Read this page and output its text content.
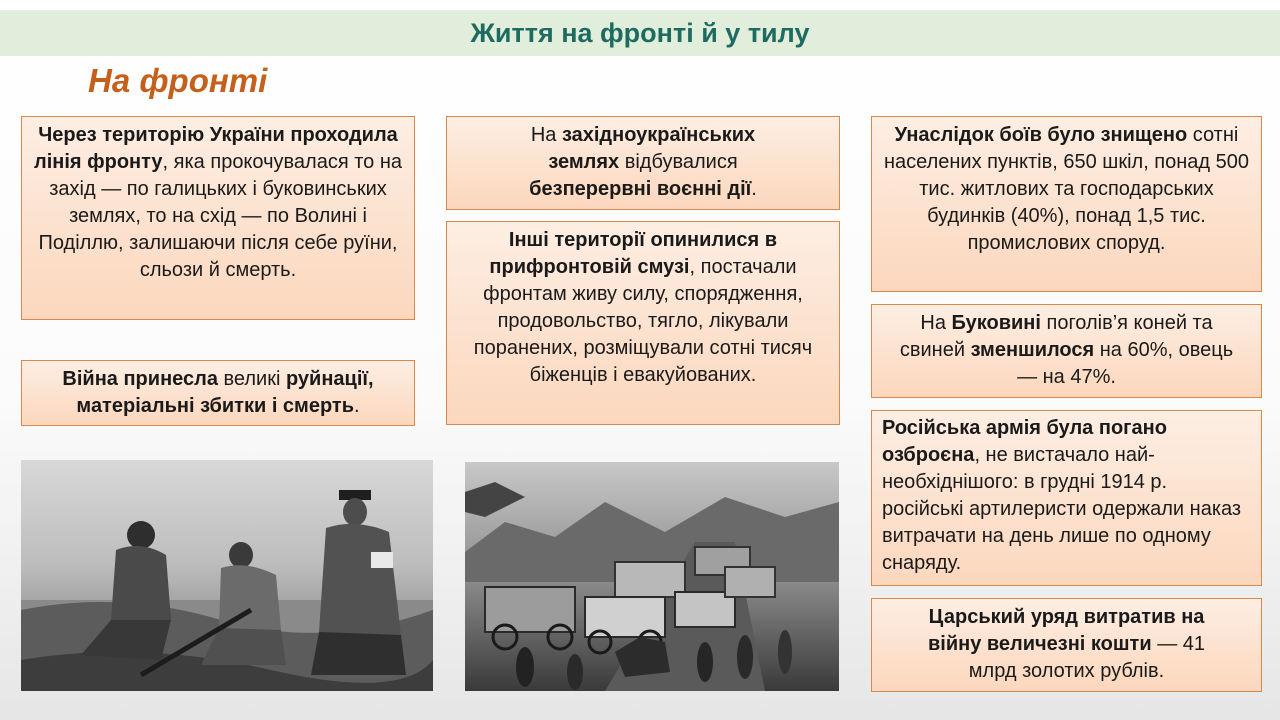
Життя на фронті й у тилу
На фронті
Через територію України проходила лінія фронту, яка прокочувалася то на захід — по галицьких і буковинських землях, то на схід — по Волині і Поділлю, залишаючи після себе руїни, сльози й смерть.
Війна принесла великі руйнації, матеріальні збитки і смерть.
На західноукраїнських землях відбувалися безперервні воєнні дії.
Інші території опинилися в прифронтовій смузі, постачали фронтам живу силу, спорядження, продовольство, тягло, лікували поранених, розміщували сотні тисяч біженців і евакуйованих.
Унаслідок боїв було знищено сотні населених пунктів, 650 шкіл, понад 500 тис. житлових та господарських будинків (40%), понад 1,5 тис. промислових споруд.
На Буковині поголів’я коней та свиней зменшилося на 60%, овець — на 47%.
Російська армія була погано озброєна, не вистачало най-необхіднішого: в грудні 1914 р. російські артилеристи одержали наказ витрачати на день лише по одному снаряду.
Царський уряд витратив на війну величезні кошти — 41 млрд золотих рублів.
